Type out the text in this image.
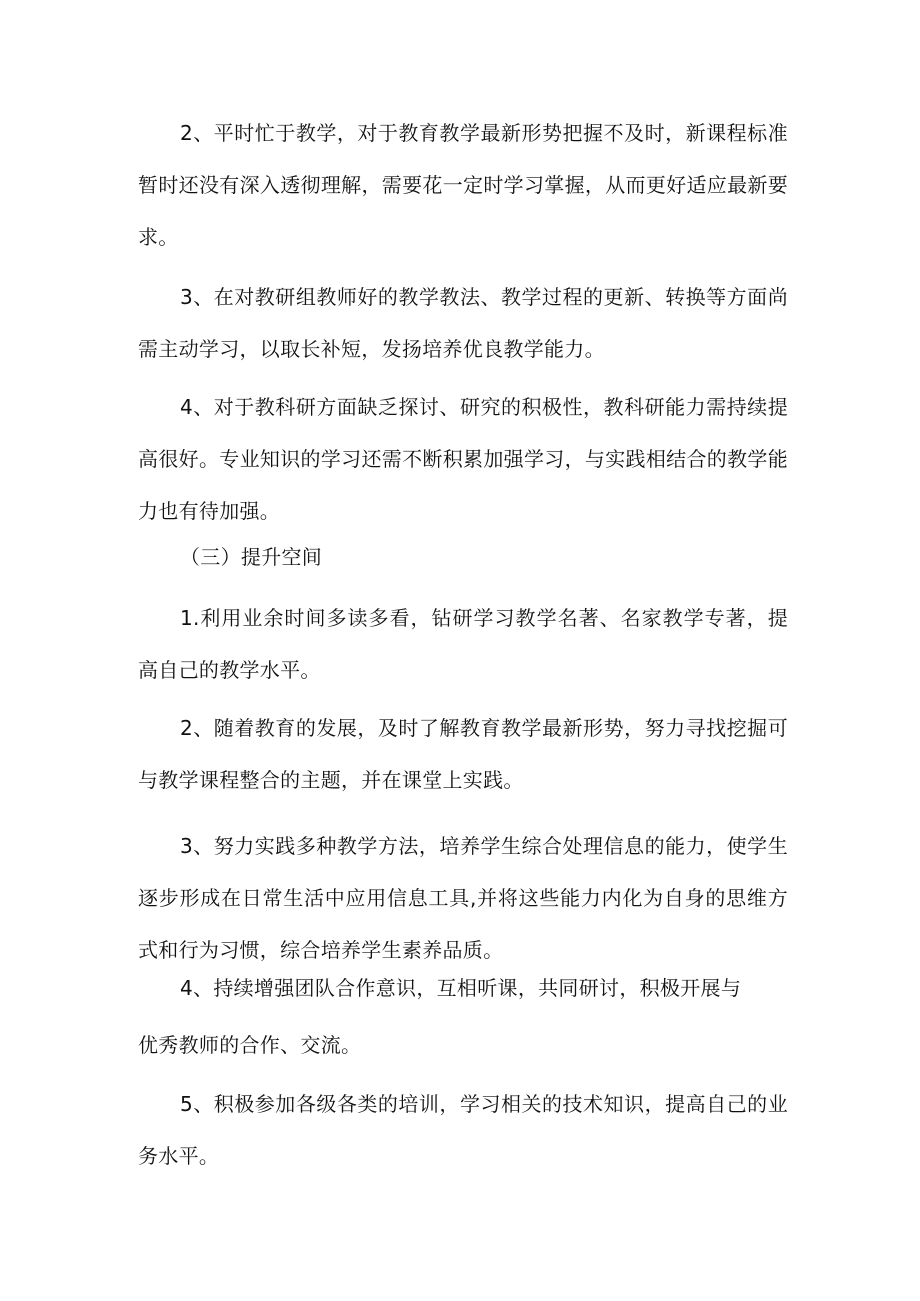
2、平时忙于教学，对于教育教学最新形势把握不及时，新课程标准暂时还没有深入透彻理解，需要花一定时学习掌握，从而更好适应最新要求。

3、在对教研组教师好的教学教法、教学过程的更新、转换等方面尚需主动学习，以取长补短，发扬培养优良教学能力。

4、对于教科研方面缺乏探讨、研究的积极性，教科研能力需持续提高很好。专业知识的学习还需不断积累加强学习，与实践相结合的教学能力也有待加强。

（三）提升空间

1.利用业余时间多读多看，钻研学习教学名著、名家教学专著，提高自己的教学水平。

2、随着教育的发展，及时了解教育教学最新形势，努力寻找挖掘可与教学课程整合的主题，并在课堂上实践。

3、努力实践多种教学方法，培养学生综合处理信息的能力，使学生逐步形成在日常生活中应用信息工具,并将这些能力内化为自身的思维方式和行为习惯，综合培养学生素养品质。

4、持续增强团队合作意识，互相听课，共同研讨，积极开展与

优秀教师的合作、交流。

5、积极参加各级各类的培训，学习相关的技术知识，提高自己的业务水平。
